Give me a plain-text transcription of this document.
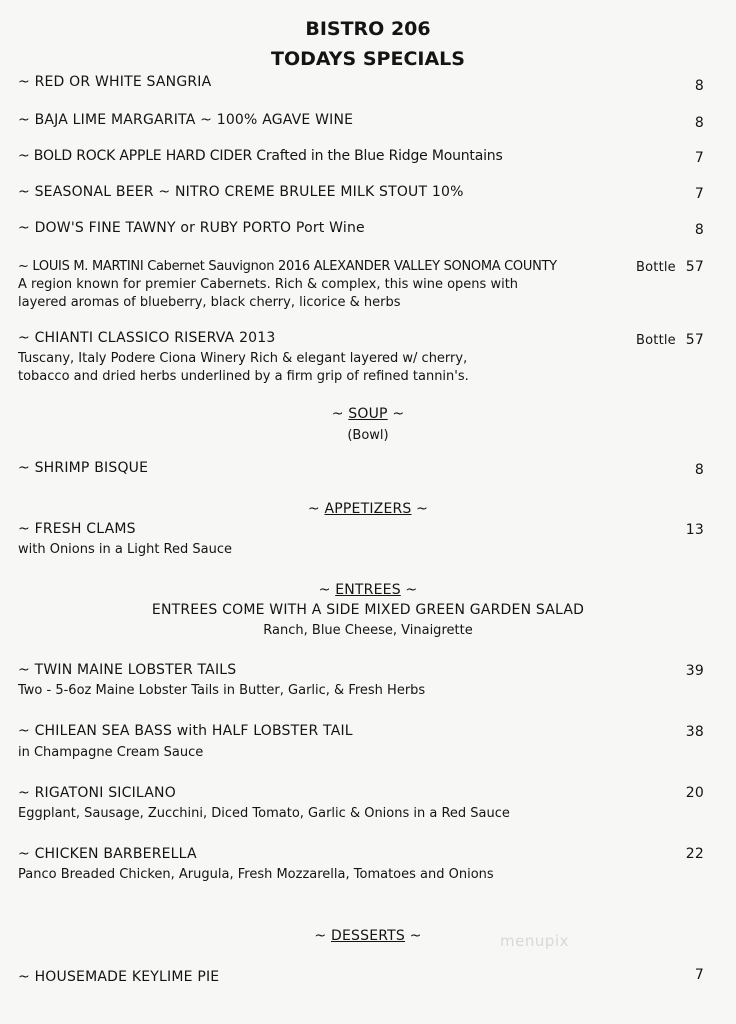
BISTRO 206
TODAYS SPECIALS
~ RED OR WHITE SANGRIA	8
~ BAJA LIME MARGARITA ~ 100% AGAVE WINE	8
~ BOLD ROCK APPLE HARD CIDER Crafted in the Blue Ridge Mountains	7
~ SEASONAL BEER ~ NITRO CREME BRULEE MILK STOUT 10%	7
~ DOW'S FINE TAWNY or RUBY PORTO Port Wine	8
~ LOUIS M. MARTINI Cabernet Sauvignon 2016 ALEXANDER VALLEY SONOMA COUNTY	Bottle 57
A region known for premier Cabernets. Rich & complex, this wine opens with
layered aromas of blueberry, black cherry, licorice & herbs
~ CHIANTI CLASSICO RISERVA 2013	Bottle 57
Tuscany, Italy Podere Ciona Winery Rich & elegant layered w/ cherry,
tobacco and dried herbs underlined by a firm grip of refined tannin's.
~ SOUP ~
(Bowl)
~ SHRIMP BISQUE	8
~ APPETIZERS ~
~ FRESH CLAMS	13
with Onions in a Light Red Sauce
~ ENTREES ~
ENTREES COME WITH A SIDE MIXED GREEN GARDEN SALAD
Ranch, Blue Cheese, Vinaigrette
~ TWIN MAINE LOBSTER TAILS	39
Two - 5-6oz Maine Lobster Tails in Butter, Garlic, & Fresh Herbs
~ CHILEAN SEA BASS with HALF LOBSTER TAIL	38
in Champagne Cream Sauce
~ RIGATONI SICILANO	20
Eggplant, Sausage, Zucchini, Diced Tomato, Garlic & Onions in a Red Sauce
~ CHICKEN BARBERELLA	22
Panco Breaded Chicken, Arugula, Fresh Mozzarella, Tomatoes and Onions
~ DESSERTS ~
~ HOUSEMADE KEYLIME PIE	7
menupix
